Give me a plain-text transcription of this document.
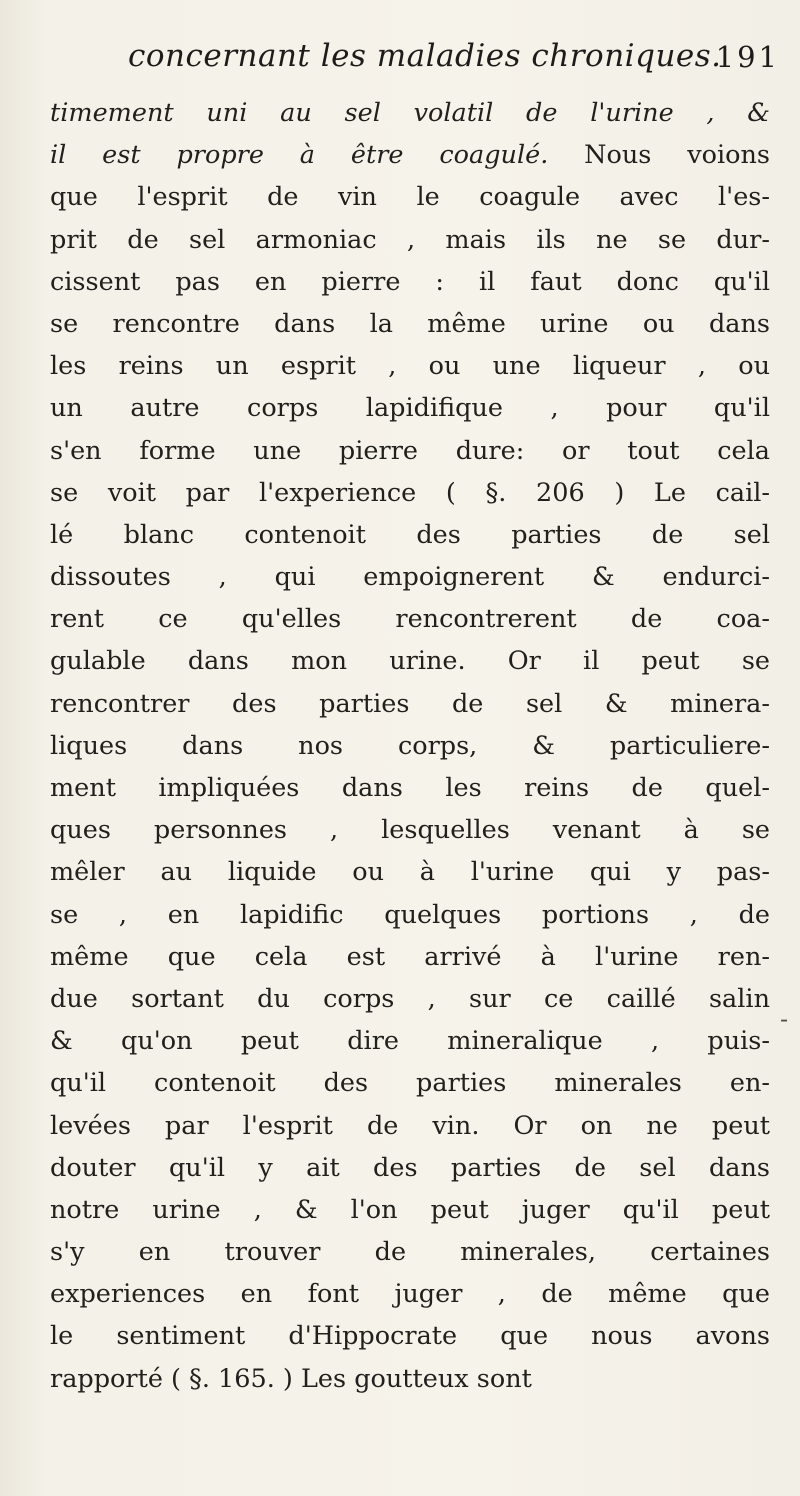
concernant les maladies chroniques.
191
timement uni au sel volatil de l'urine , &
il est propre à être coagulé. Nous voions
que l'esprit de vin le coagule avec l'es-
prit de sel armoniac , mais ils ne se dur-
cissent pas en pierre : il faut donc qu'il
se rencontre dans la même urine ou dans
les reins un esprit , ou une liqueur , ou
un autre corps lapidifique , pour qu'il
s'en forme une pierre dure: or tout cela
se voit par l'experience ( §. 206 ) Le cail-
lé blanc contenoit des parties de sel
dissoutes , qui empoignerent & endurci-
rent ce qu'elles rencontrerent de coa-
gulable dans mon urine. Or il peut se
rencontrer des parties de sel & minera-
liques dans nos corps, & particuliere-
ment impliquées dans les reins de quel-
ques personnes , lesquelles venant à se
mêler au liquide ou à l'urine qui y pas-
se , en lapidific quelques portions , de
même que cela est arrivé à l'urine ren-
due sortant du corps , sur ce caillé salin
& qu'on peut dire mineralique , puis-
qu'il contenoit des parties minerales en-
levées par l'esprit de vin. Or on ne peut
douter qu'il y ait des parties de sel dans
notre urine , & l'on peut juger qu'il peut
s'y en trouver de minerales, certaines
experiences en font juger , de même que
le sentiment d'Hippocrate que nous avons
rapporté ( §. 165. ) Les goutteux sont
-
